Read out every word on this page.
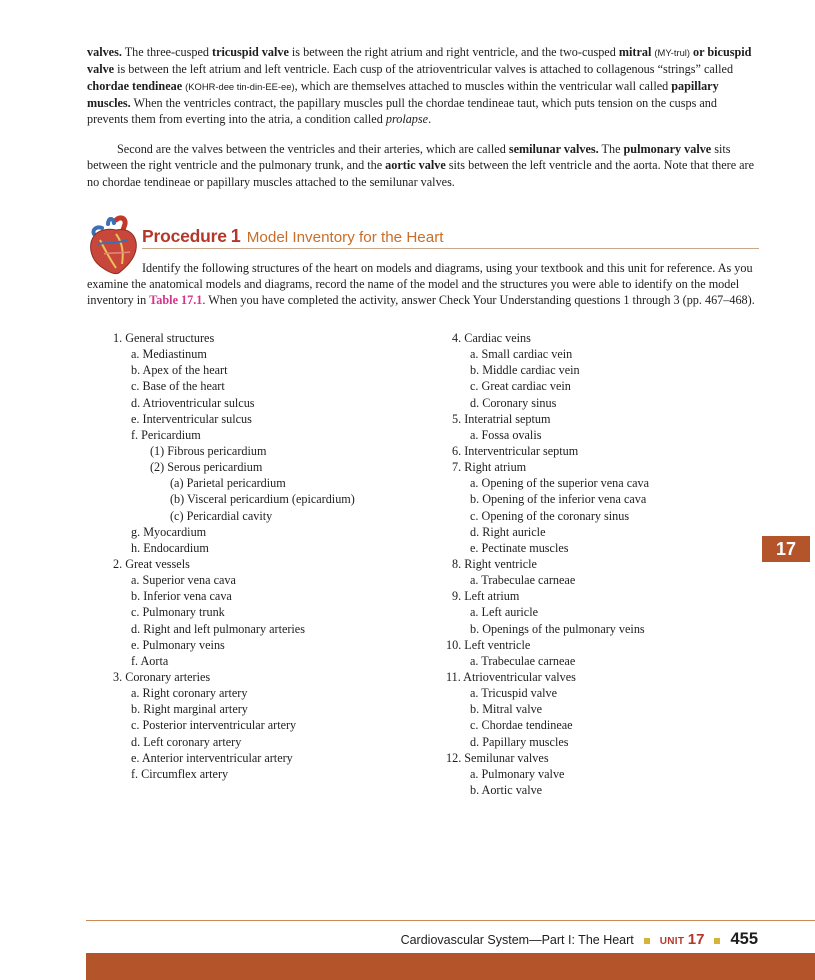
valves. The three-cusped tricuspid valve is between the right atrium and right ventricle, and the two-cusped mitral (MY-trul) or bicuspid valve is between the left atrium and left ventricle. Each cusp of the atrioventricular valves is attached to collagenous “strings” called chordae tendineae (KOHR-dee tin-din-EE-ee), which are themselves attached to muscles within the ventricular wall called papillary muscles. When the ventricles contract, the papillary muscles pull the chordae tendineae taut, which puts tension on the cusps and prevents them from everting into the atria, a condition called prolapse.

Second are the valves between the ventricles and their arteries, which are called semilunar valves. The pulmonary valve sits between the right ventricle and the pulmonary trunk, and the aortic valve sits between the left ventricle and the aorta. Note that there are no chordae tendineae or papillary muscles attached to the semilunar valves.

Procedure 1 Model Inventory for the Heart

Identify the following structures of the heart on models and diagrams, using your textbook and this unit for reference. As you examine the anatomical models and diagrams, record the name of the model and the structures you were able to identify on the model inventory in Table 17.1. When you have completed the activity, answer Check Your Understanding questions 1 through 3 (pp. 467–468).

1. General structures
a. Mediastinum
b. Apex of the heart
c. Base of the heart
d. Atrioventricular sulcus
e. Interventricular sulcus
f. Pericardium
(1) Fibrous pericardium
(2) Serous pericardium
(a) Parietal pericardium
(b) Visceral pericardium (epicardium)
(c) Pericardial cavity
g. Myocardium
h. Endocardium
2. Great vessels
a. Superior vena cava
b. Inferior vena cava
c. Pulmonary trunk
d. Right and left pulmonary arteries
e. Pulmonary veins
f. Aorta
3. Coronary arteries
a. Right coronary artery
b. Right marginal artery
c. Posterior interventricular artery
d. Left coronary artery
e. Anterior interventricular artery
f. Circumflex artery
4. Cardiac veins
a. Small cardiac vein
b. Middle cardiac vein
c. Great cardiac vein
d. Coronary sinus
5. Interatrial septum
a. Fossa ovalis
6. Interventricular septum
7. Right atrium
a. Opening of the superior vena cava
b. Opening of the inferior vena cava
c. Opening of the coronary sinus
d. Right auricle
e. Pectinate muscles
8. Right ventricle
a. Trabeculae carneae
9. Left atrium
a. Left auricle
b. Openings of the pulmonary veins
10. Left ventricle
a. Trabeculae carneae
11. Atrioventricular valves
a. Tricuspid valve
b. Mitral valve
c. Chordae tendineae
d. Papillary muscles
12. Semilunar valves
a. Pulmonary valve
b. Aortic valve
17
Cardiovascular System—Part I: The Heart	UNIT 17 455
